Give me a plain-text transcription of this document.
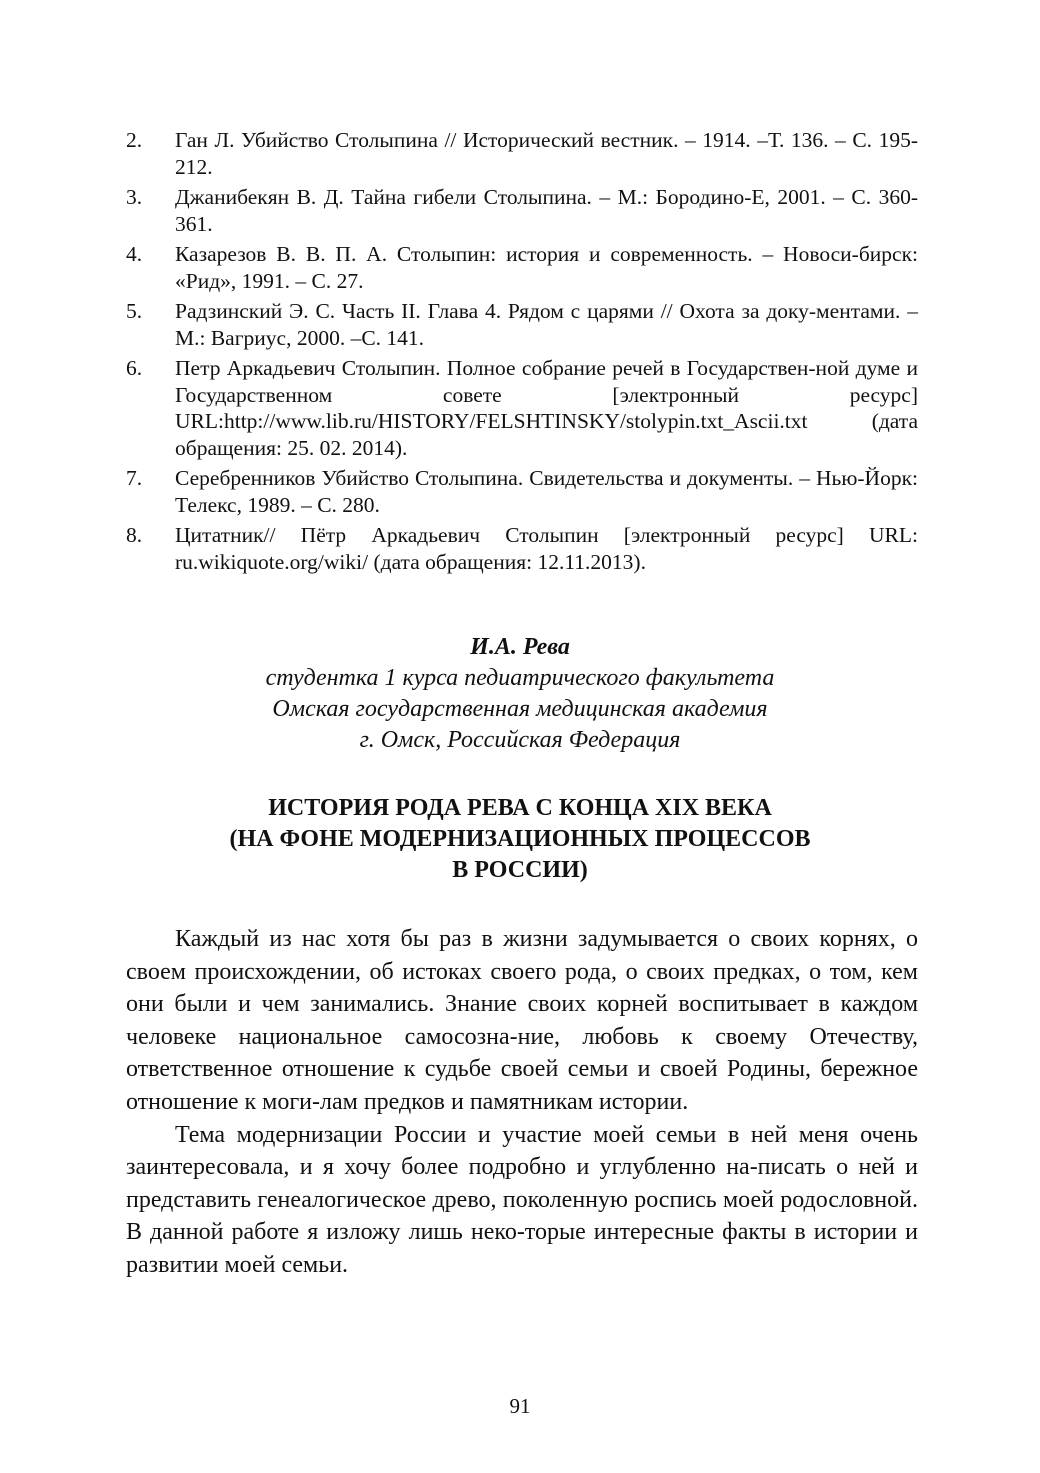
2.	Ган Л. Убийство Столыпина // Исторический вестник. – 1914. –Т. 136. – С. 195-212.
3.	Джанибекян В. Д. Тайна гибели Столыпина. – М.: Бородино-Е, 2001. – С. 360-361.
4.	Казарезов В. В. П. А. Столыпин: история и современность. – Новоси-бирск: «Рид», 1991. – С. 27.
5.	Радзинский Э. С. Часть II. Глава 4. Рядом с царями // Охота за доку-ментами. – М.: Вагриус, 2000. –С. 141.
6.	Петр Аркадьевич Столыпин. Полное собрание речей в Государствен-ной думе и Государственном совете [электронный ресурс] URL:http://www.lib.ru/HISTORY/FELSHTINSKY/stolypin.txt_Ascii.txt (дата обращения: 25. 02. 2014).
7.	Серебренников Убийство Столыпина. Свидетельства и документы. – Нью-Йорк: Телекс, 1989. – С. 280.
8.	Цитатник// Пётр Аркадьевич Столыпин [электронный ресурс] URL: ru.wikiquote.org/wiki/ (дата обращения: 12.11.2013).
И.А. Рева
студентка 1 курса педиатрического факультета
Омская государственная медицинская академия
г. Омск, Российская Федерация
ИСТОРИЯ РОДА РЕВА С КОНЦА XIX ВЕКА
(НА ФОНЕ МОДЕРНИЗАЦИОННЫХ ПРОЦЕССОВ
В РОССИИ)

Каждый из нас хотя бы раз в жизни задумывается о своих корнях, о своем происхождении, об истоках своего рода, о своих предках, о том, кем они были и чем занимались. Знание своих корней воспитывает в каждом человеке национальное самосозна-ние, любовь к своему Отечеству, ответственное отношение к судьбе своей семьи и своей Родины, бережное отношение к моги-лам предков и памятникам истории.

Тема модернизации России и участие моей семьи в ней меня очень заинтересовала, и я хочу более подробно и углубленно на-писать о ней и представить генеалогическое древо, поколенную роспись моей родословной. В данной работе я изложу лишь неко-торые интересные факты в истории и развитии моей семьи.

91
